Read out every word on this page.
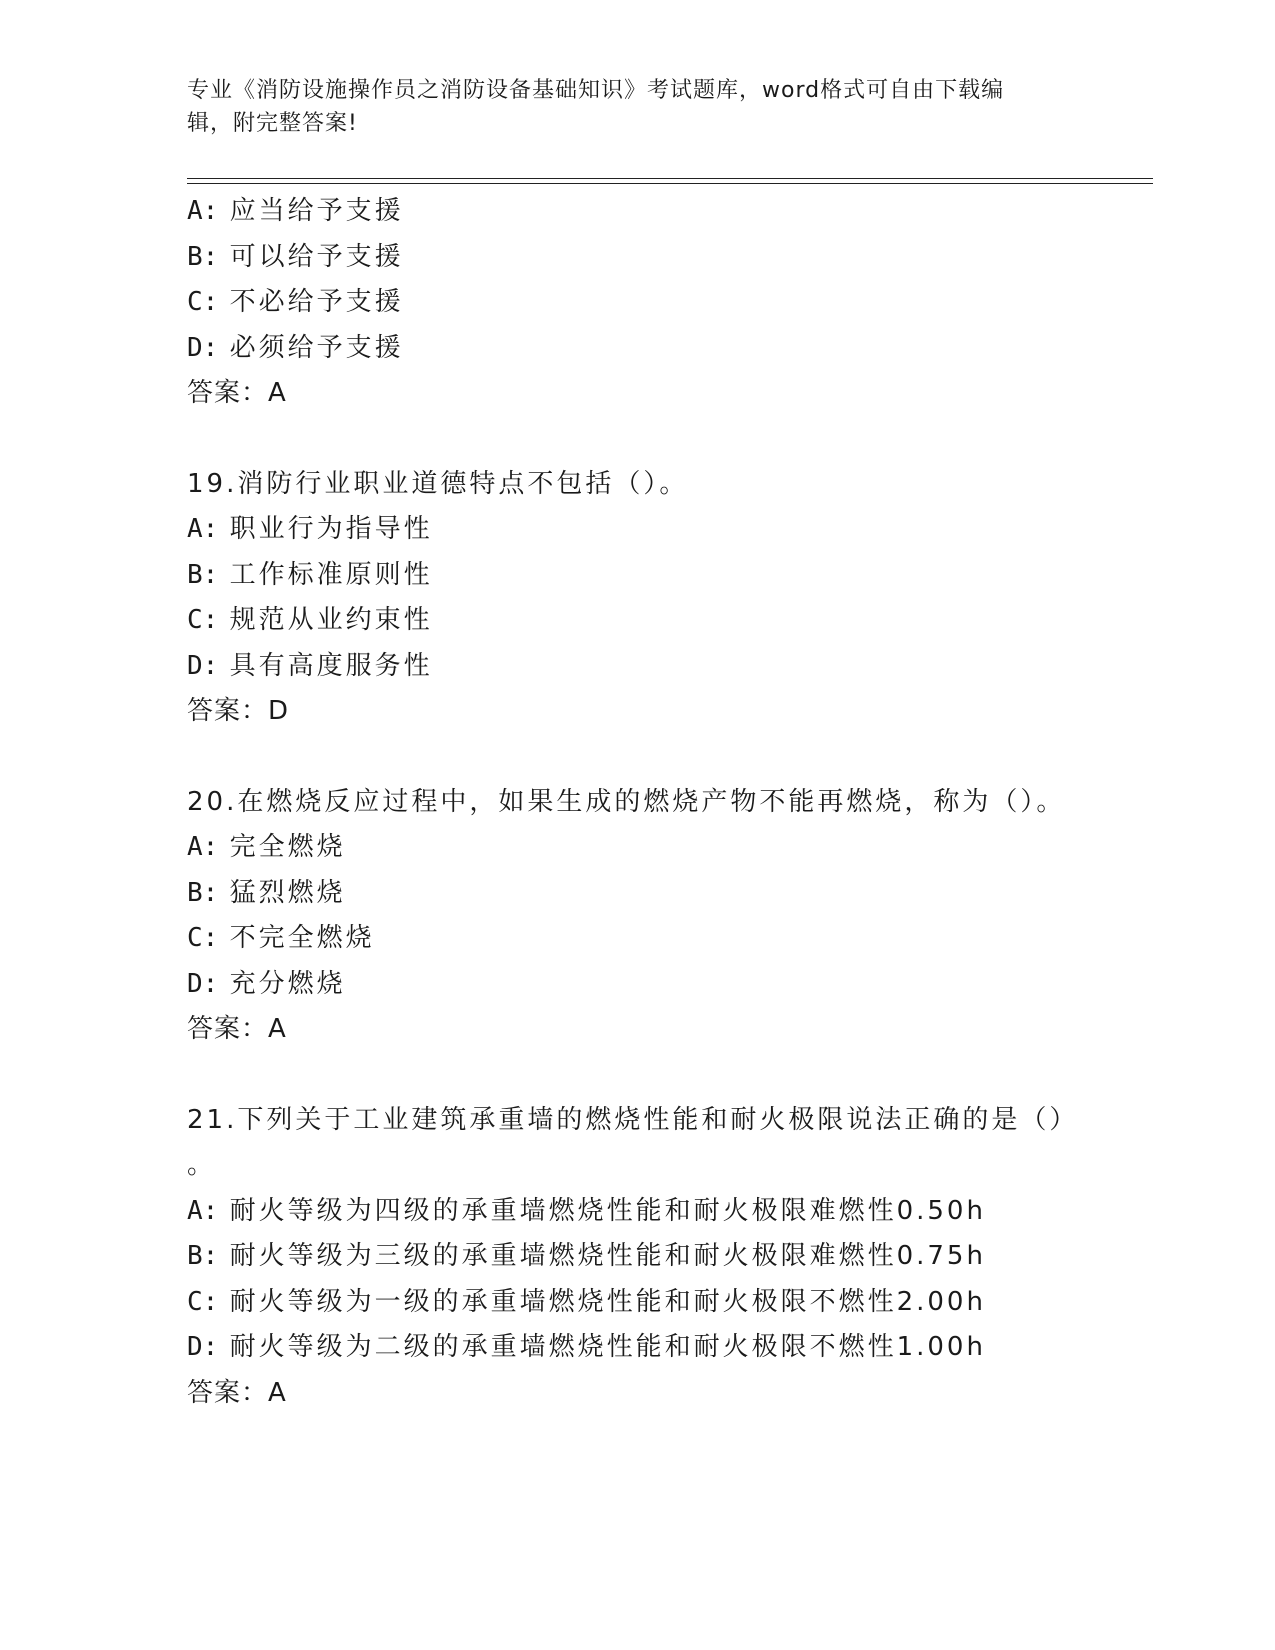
专业《消防设施操作员之消防设备基础知识》考试题库，word格式可自由下载编
辑，附完整答案!
A: 应当给予支援
B: 可以给予支援
C: 不必给予支援
D: 必须给予支援
答案：A
19.消防行业职业道德特点不包括（）。
A: 职业行为指导性
B: 工作标准原则性
C: 规范从业约束性
D: 具有高度服务性
答案：D
20.在燃烧反应过程中，如果生成的燃烧产物不能再燃烧，称为（）。
A: 完全燃烧
B: 猛烈燃烧
C: 不完全燃烧
D: 充分燃烧
答案：A
21.下列关于工业建筑承重墙的燃烧性能和耐火极限说法正确的是（）
。
A: 耐火等级为四级的承重墙燃烧性能和耐火极限难燃性0.50h
B: 耐火等级为三级的承重墙燃烧性能和耐火极限难燃性0.75h
C: 耐火等级为一级的承重墙燃烧性能和耐火极限不燃性2.00h
D: 耐火等级为二级的承重墙燃烧性能和耐火极限不燃性1.00h
答案：A
